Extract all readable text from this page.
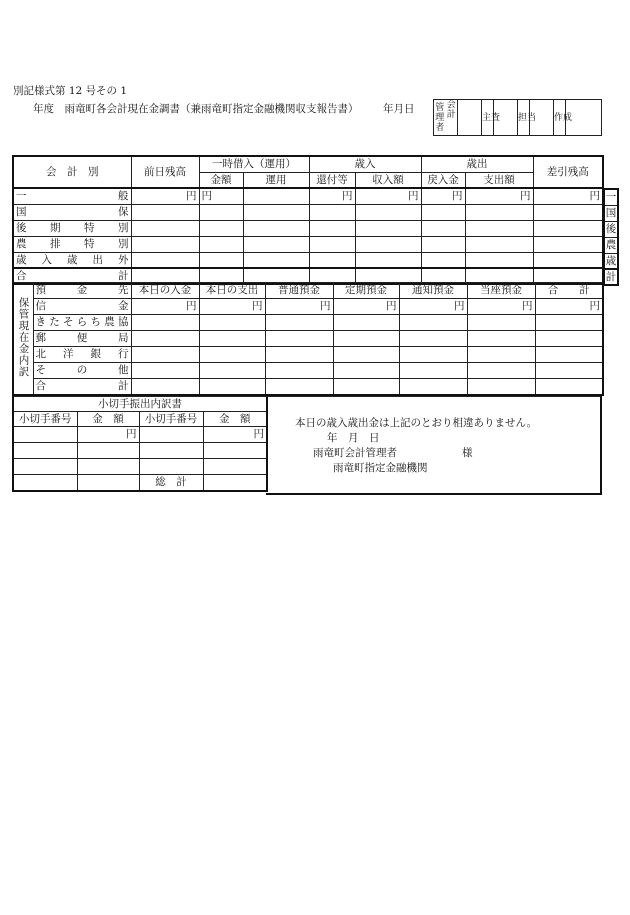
別記様式第 12 号その 1
年度　雨竜町各会計現在金調書（兼雨竜町指定金融機関収支報告書） 年月日 管
理
者	会
計		主査		担当		作成	
会　計　別	前日残高	一時借入（運用）		歳入		歳出		差引残高
		金額	運用	還付等	収入額	戻入金	支出額	
一　　　　　般	円	円		円	円	円	円	円
国　　　　　保								
後　期　特　別								
農　排　特　別								
歳　入　歳　出　外								
合　　　　　計								
一
国
後
農
歳
計
保管現在金内訳	預　　金　　先	本日の入金	本日の支出	普通預金	定期預金	通知預金	当座預金	合　　計
	信　　　　　金	円	円	円	円	円	円	円
	きたそらち農協							
	郵　　便　　局							
	北　洋　銀　行							
	そ　　の　　他							
	合　　　　　計							
小切手振出内訳書			
小切手番号	金　額	小切手番号	金　額
	円		円

		総　計	
本日の歳入歳出金は上記のとおり相違ありません。
年　月　日
雨竜町会計管理者	様
雨竜町指定金融機関
